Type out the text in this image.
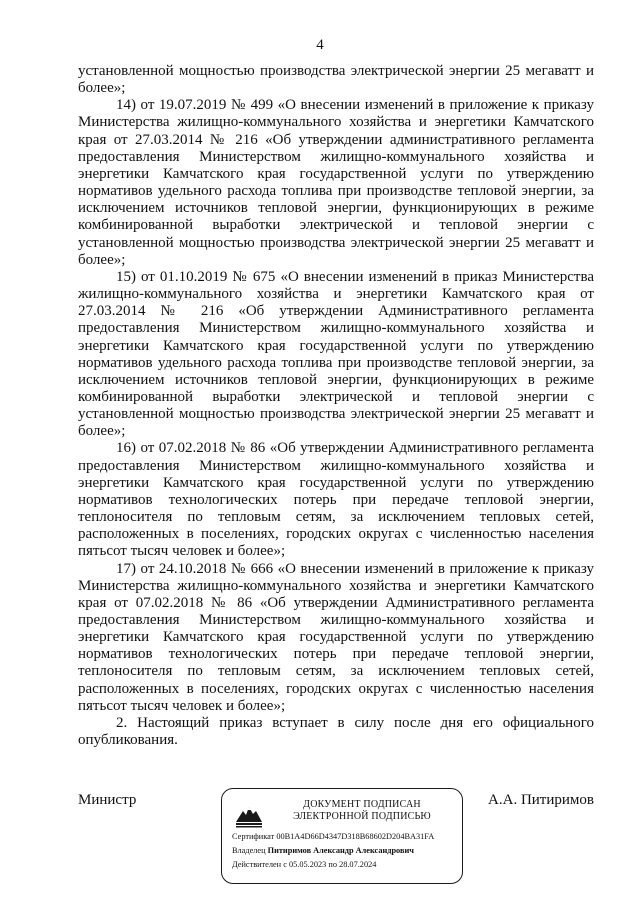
4

установленной мощностью производства электрической энергии 25 мегаватт и более»;

14) от 19.07.2019 № 499 «О внесении изменений в приложение к приказу Министерства жилищно-коммунального хозяйства и энергетики Камчатского края от 27.03.2014 № 216 «Об утверждении административного регламента предоставления Министерством жилищно-коммунального хозяйства и энергетики Камчатского края государственной услуги по утверждению нормативов удельного расхода топлива при производстве тепловой энергии, за исключением источников тепловой энергии, функционирующих в режиме комбинированной выработки электрической и тепловой энергии с установленной мощностью производства электрической энергии 25 мегаватт и более»;

15) от 01.10.2019 № 675 «О внесении изменений в приказ Министерства жилищно-коммунального хозяйства и энергетики Камчатского края от 27.03.2014 № 216 «Об утверждении Административного регламента предоставления Министерством жилищно-коммунального хозяйства и энергетики Камчатского края государственной услуги по утверждению нормативов удельного расхода топлива при производстве тепловой энергии, за исключением источников тепловой энергии, функционирующих в режиме комбинированной выработки электрической и тепловой энергии с установленной мощностью производства электрической энергии 25 мегаватт и более»;

16) от 07.02.2018 № 86 «Об утверждении Административного регламента предоставления Министерством жилищно-коммунального хозяйства и энергетики Камчатского края государственной услуги по утверждению нормативов технологических потерь при передаче тепловой энергии, теплоносителя по тепловым сетям, за исключением тепловых сетей, расположенных в поселениях, городских округах с численностью населения пятьсот тысяч человек и более»;

17) от 24.10.2018 № 666 «О внесении изменений в приложение к приказу Министерства жилищно-коммунального хозяйства и энергетики Камчатского края от 07.02.2018 № 86 «Об утверждении Административного регламента предоставления Министерством жилищно-коммунального хозяйства и энергетики Камчатского края государственной услуги по утверждению нормативов технологических потерь при передаче тепловой энергии, теплоносителя по тепловым сетям, за исключением тепловых сетей, расположенных в поселениях, городских округах с численностью населения пятьсот тысяч человек и более»;

2. Настоящий приказ вступает в силу после дня его официального опубликования.

Министр	А.А. Питиримов
ДОКУМЕНТ ПОДПИСАН
ЭЛЕКТРОННОЙ ПОДПИСЬЮ
Сертификат 00B1A4D66D4347D318B68602D204BA31FA
Владелец Питиримов Александр Александрович
Действителен с 05.05.2023 по 28.07.2024
